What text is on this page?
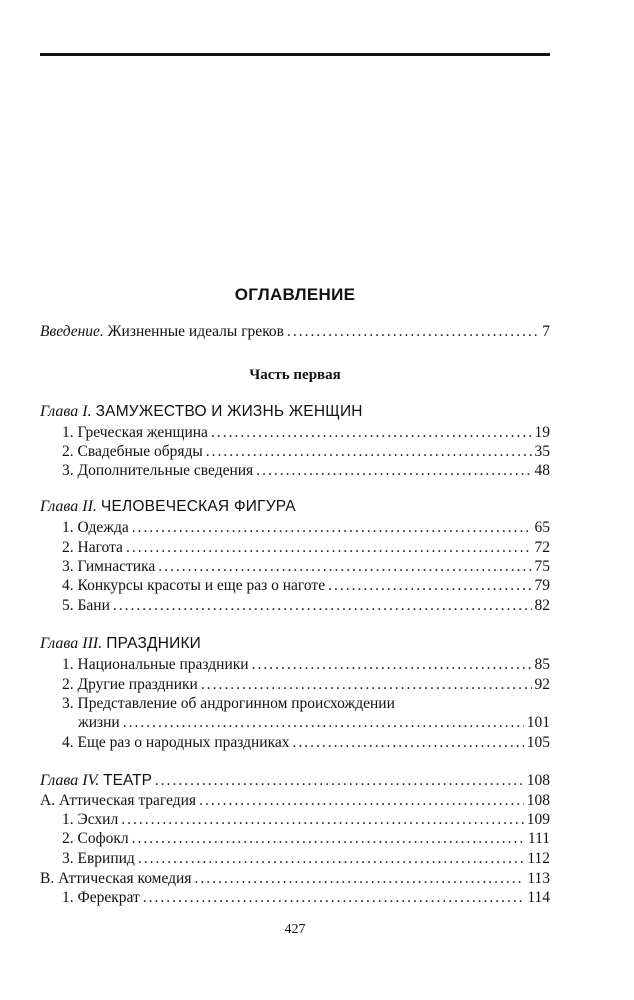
ОГЛАВЛЕНИЕ
Введение. Жизненные идеалы греков .....	7
Часть первая
Глава I. ЗАМУЖЕСТВО И ЖИЗНЬ ЖЕНЩИН
1. Греческая женщина .....	19
2. Свадебные обряды .....	35
3. Дополнительные сведения .....	48
Глава II. ЧЕЛОВЕЧЕСКАЯ ФИГУРА
1. Одежда .....	65
2. Нагота .....	72
3. Гимнастика .....	75
4. Конкурсы красоты и еще раз о наготе .....	79
5. Бани .....	82
Глава III. ПРАЗДНИКИ
1. Национальные праздники .....	85
2. Другие праздники .....	92
3. Представление об андрогинном происхождении
жизни .....	101
4. Еще раз о народных праздниках .....	105
Глава IV. ТЕАТР .....	108
А. Аттическая трагедия .....	108
1. Эсхил .....	109
2. Софокл .....	111
3. Еврипид .....	112
В. Аттическая комедия .....	113
1. Ферекрат .....	114
427
